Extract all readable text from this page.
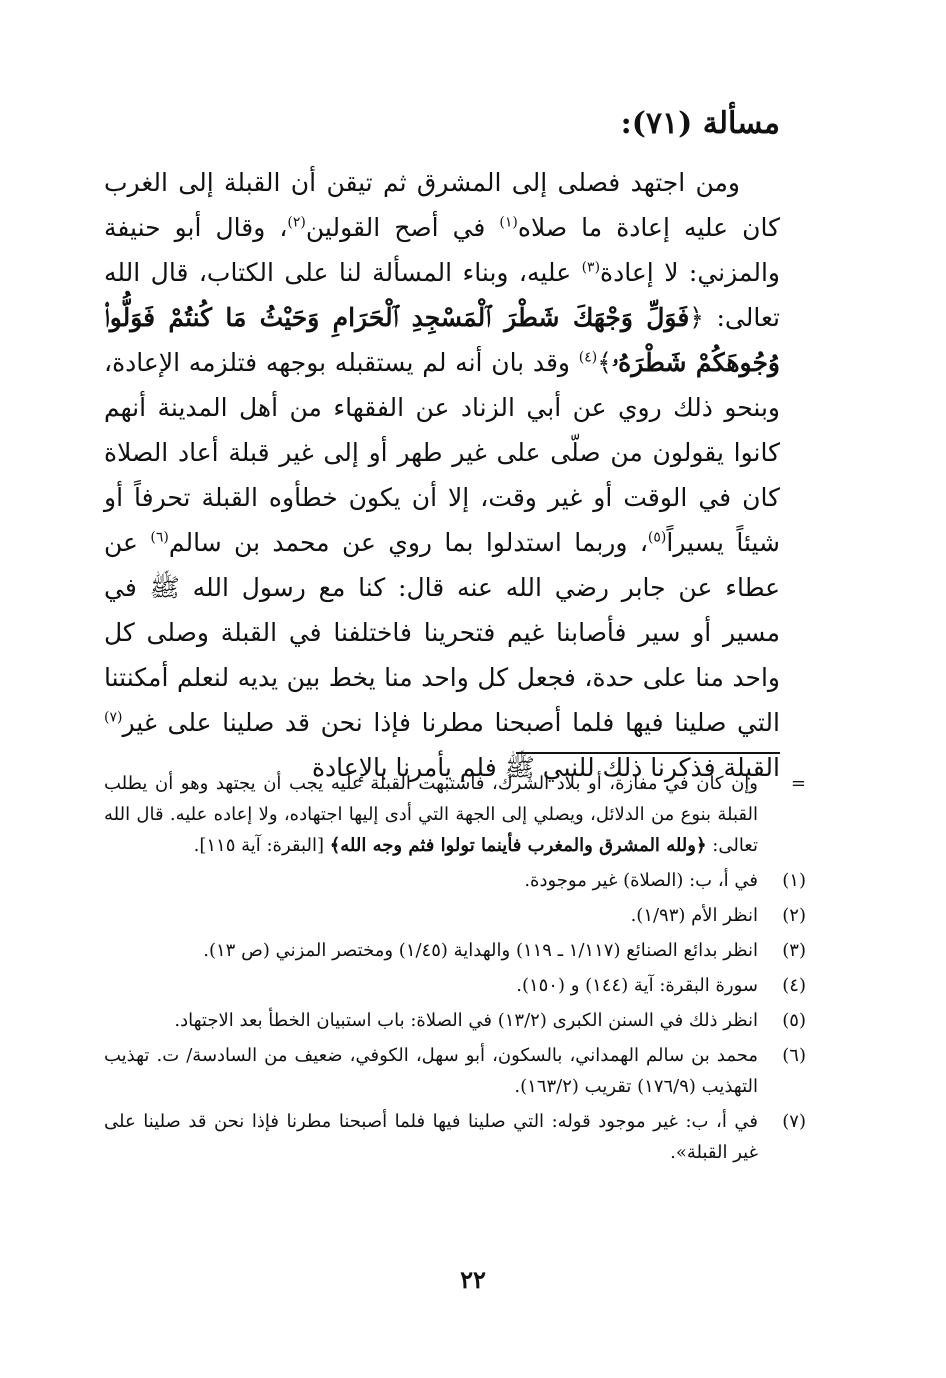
مسألة (٧١):

ومن اجتهد فصلى إلى المشرق ثم تيقن أن القبلة إلى الغرب كان عليه إعادة ما صلاه$^{(١)}$ في أصح القولين$^{(٢)}$، وقال أبو حنيفة والمزني: لا إعادة$^{(٣)}$ عليه، وبناء المسألة لنا على الكتاب، قال الله تعالى: ﴿فَوَلِّ وَجْهَكَ شَطْرَ ٱلْمَسْجِدِ ٱلْحَرَامِ وَحَيْثُ مَا كُنتُمْ فَوَلُّوا۟ وُجُوهَكُمْ شَطْرَهُۥ﴾$^{(٤)}$ وقد بان أنه لم يستقبله بوجهه فتلزمه الإعادة، وبنحو ذلك روي عن أبي الزناد عن الفقهاء من أهل المدينة أنهم كانوا يقولون من صلّى على غير طهر أو إلى غير قبلة أعاد الصلاة كان في الوقت أو غير وقت، إلا أن يكون خطأوه القبلة تحرفاً أو شيئاً يسيراً$^{(٥)}$، وربما استدلوا بما روي عن محمد بن سالم$^{(٦)}$ عن عطاء عن جابر رضي الله عنه قال: كنا مع رسول الله ﷺ في مسير أو سير فأصابنا غيم فتحرينا فاختلفنا في القبلة وصلى كل واحد منا على حدة، فجعل كل واحد منا يخط بين يديه لنعلم أمكنتنا التي صلينا فيها فلما أصبحنا مطرنا فإذا نحن قد صلينا على غير$^{(٧)}$ القبلة فذكرنا ذلك للنبي ﷺ فلم يأمرنا بالإعادة

=
وإن كان في مفازة، أو بلاد الشرك، فاشتبهت القبلة عليه يجب أن يجتهد وهو أن يطلب القبلة بنوع من الدلائل، ويصلي إلى الجهة التي أدى إليها اجتهاده، ولا إعاده عليه. قال الله تعالى: ﴿ولله المشرق والمغرب فأينما تولوا فثم وجه الله﴾ [البقرة: آية ١١٥].
(١)
في أ، ب: (الصلاة) غير موجودة.
(٢)
انظر الأم (١/٩٣).
(٣)
انظر بدائع الصنائع (١/١١٧ ـ ١١٩) والهداية (١/٤٥) ومختصر المزني (ص ١٣).
(٤)
سورة البقرة: آية (١٤٤) و (١٥٠).
(٥)
انظر ذلك في السنن الكبرى (١٣/٢) في الصلاة: باب استبيان الخطأ بعد الاجتهاد.
(٦)
محمد بن سالم الهمداني، بالسكون، أبو سهل، الكوفي، ضعيف من السادسة/ ت. تهذيب التهذيب (١٧٦/٩) تقريب (١٦٣/٢).
(٧)
في أ، ب: غير موجود قوله: التي صلينا فيها فلما أصبحنا مطرنا فإذا نحن قد صلينا على غير القبلة».
٢٢
